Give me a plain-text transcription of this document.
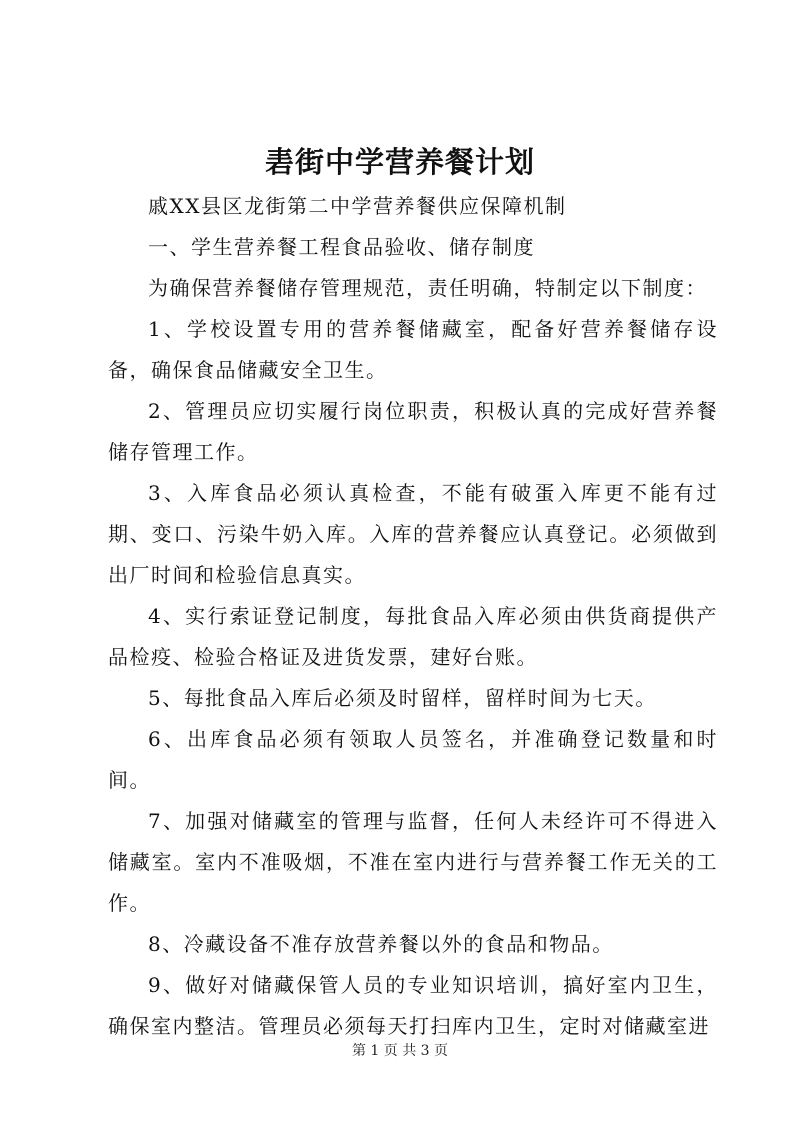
砉街中学营养餐计划

戚XX县区龙街第二中学营养餐供应保障机制

一、学生营养餐工程食品验收、储存制度

为确保营养餐储存管理规范，责任明确，特制定以下制度：

1、学校设置专用的营养餐储藏室，配备好营养餐储存设备，确保食品储藏安全卫生。

2、管理员应切实履行岗位职责，积极认真的完成好营养餐储存管理工作。

3、入库食品必须认真检查，不能有破蛋入库更不能有过期、变口、污染牛奶入库。入库的营养餐应认真登记。必须做到出厂时间和检验信息真实。

4、实行索证登记制度，每批食品入库必须由供货商提供产品检疫、检验合格证及进货发票，建好台账。

5、每批食品入库后必须及时留样，留样时间为七天。

6、出库食品必须有领取人员签名，并准确登记数量和时间。

7、加强对储藏室的管理与监督，任何人未经许可不得进入储藏室。室内不准吸烟，不准在室内进行与营养餐工作无关的工作。

8、冷藏设备不准存放营养餐以外的食品和物品。

9、做好对储藏保管人员的专业知识培训，搞好室内卫生，确保室内整洁。管理员必须每天打扫库内卫生，定时对储藏室进

第 1 页 共 3 页
